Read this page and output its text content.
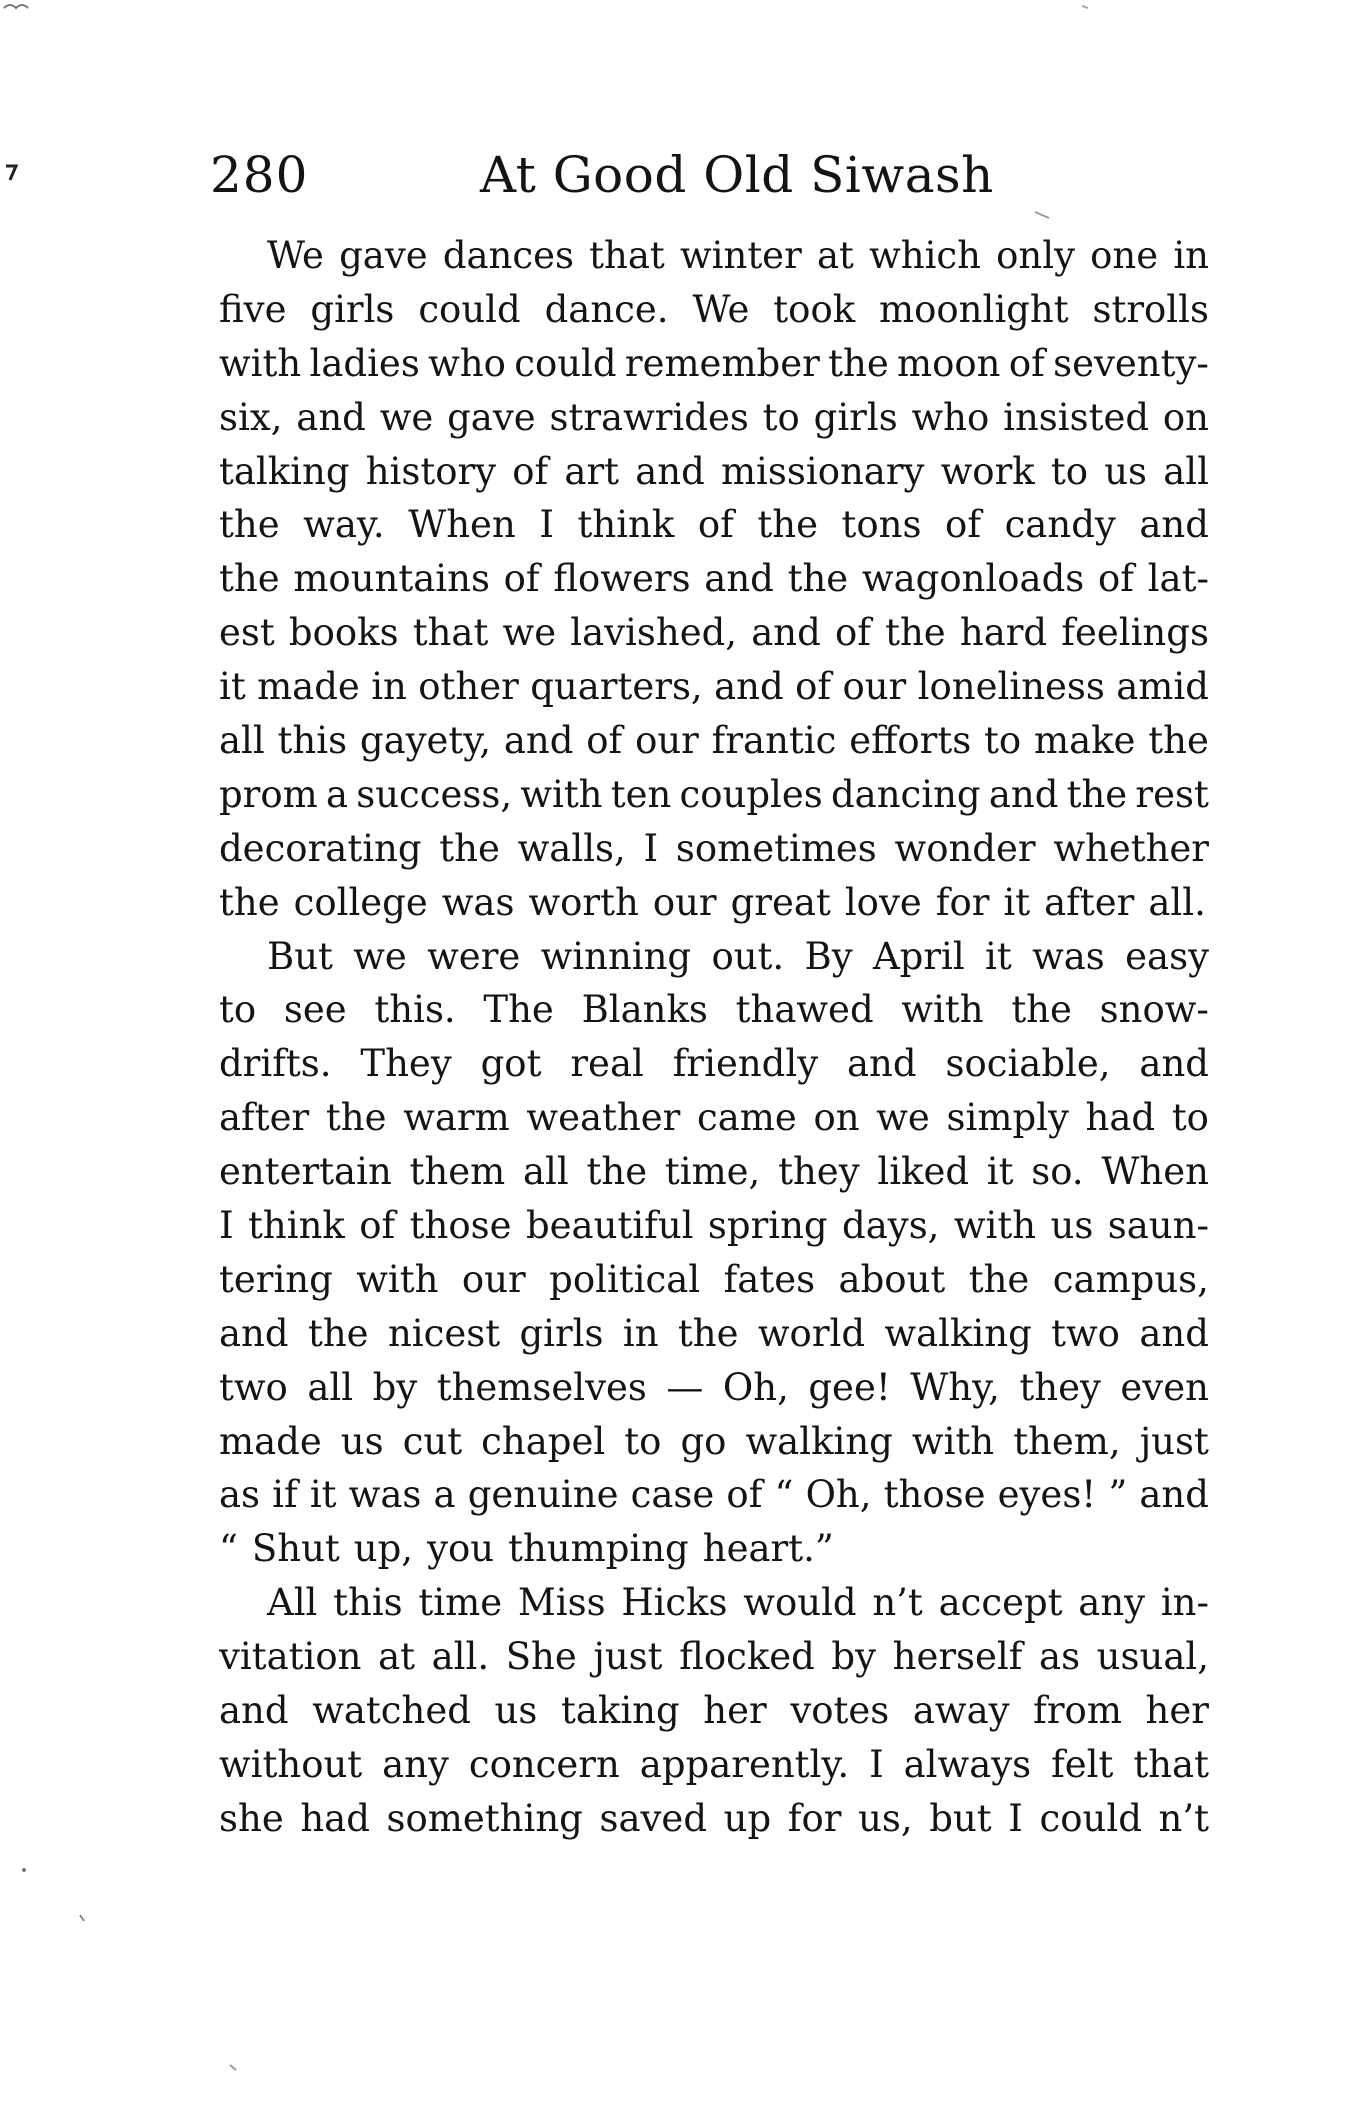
280	At Good Old Siwash
We gave dances that winter at which only one in
five girls could dance. We took moonlight strolls
with ladies who could remember the moon of seventy-
six, and we gave strawrides to girls who insisted on
talking history of art and missionary work to us all
the way. When I think of the tons of candy and
the mountains of flowers and the wagonloads of lat-
est books that we lavished, and of the hard feelings
it made in other quarters, and of our loneliness amid
all this gayety, and of our frantic efforts to make the
prom a success, with ten couples dancing and the rest
decorating the walls, I sometimes wonder whether
the college was worth our great love for it after all.
But we were winning out. By April it was easy
to see this. The Blanks thawed with the snow-
drifts. They got real friendly and sociable, and
after the warm weather came on we simply had to
entertain them all the time, they liked it so. When
I think of those beautiful spring days, with us saun-
tering with our political fates about the campus,
and the nicest girls in the world walking two and
two all by themselves — Oh, gee! Why, they even
made us cut chapel to go walking with them, just
as if it was a genuine case of “ Oh, those eyes! ” and
“ Shut up, you thumping heart.”
All this time Miss Hicks would n’t accept any in-
vitation at all. She just flocked by herself as usual,
and watched us taking her votes away from her
without any concern apparently. I always felt that
she had something saved up for us, but I could n’t
